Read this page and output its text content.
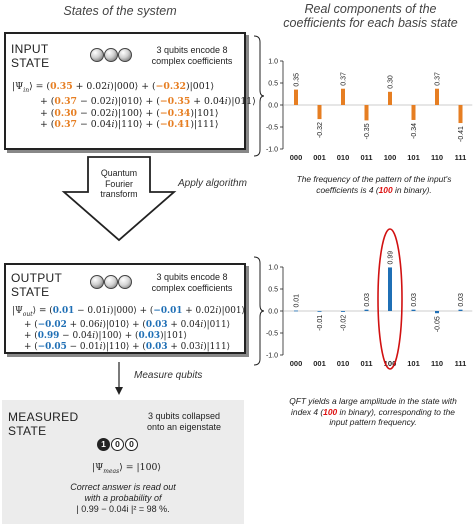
States of the system	Real components of the
coefficients for each basis state
1.0
0.5
0.0
-0.5
-1.0
0.35
000
-0.32
001
0.37
010
-0.35
011
0.30
100
-0.34
101
0.37
110
-0.41
111
1.0
0.5
0.0
-0.5
-1.0
0.01
000
-0.01
001
-0.02
010
0.03
011
0.99
100
0.03
101
-0.05
110
0.03
111
Quantum
Fourier
transform
Apply algorithm
Measure qubits
INPUT
STATE
3 qubits encode 8
complex coefficients
$|\Psi_{in}⟩ = (0.35$ + 0.02i)|000⟩ + (−0.32)|001⟩
+ (0.37 − 0.02i)|010⟩ + (−0.35 + 0.04i)|011⟩
+ (0.30 − 0.02i)|100⟩ + (−0.34)|101⟩
+ (0.37 − 0.04i)|110⟩ + (−0.41)|111⟩
OUTPUT
STATE
3 qubits encode 8
complex coefficients
$|\Psi_{out}⟩ = (0.01$ − 0.01i)|000⟩ + (−0.01 + 0.02i)|001⟩
+ (−0.02 + 0.06i)|010⟩ + (0.03 + 0.04i)|011⟩
+ (0.99 − 0.04i)|100⟩ + (0.03)|101⟩
+ (−0.05 − 0.01i)|110⟩ + (0.03 + 0.03i)|111⟩
MEASURED
STATE
3 qubits collapsed
onto an eigenstate
1	0	0
$|\Psi_{meas}⟩$ = |100⟩
Correct answer is read out
with a probability of
| 0.99 − 0.04i |² = 98 %.
The frequency of the pattern of the input's
coefficients is 4 (100 in binary).
QFT yields a large amplitude in the state with
index 4 (100 in binary), corresponding to the
input pattern frequency.
